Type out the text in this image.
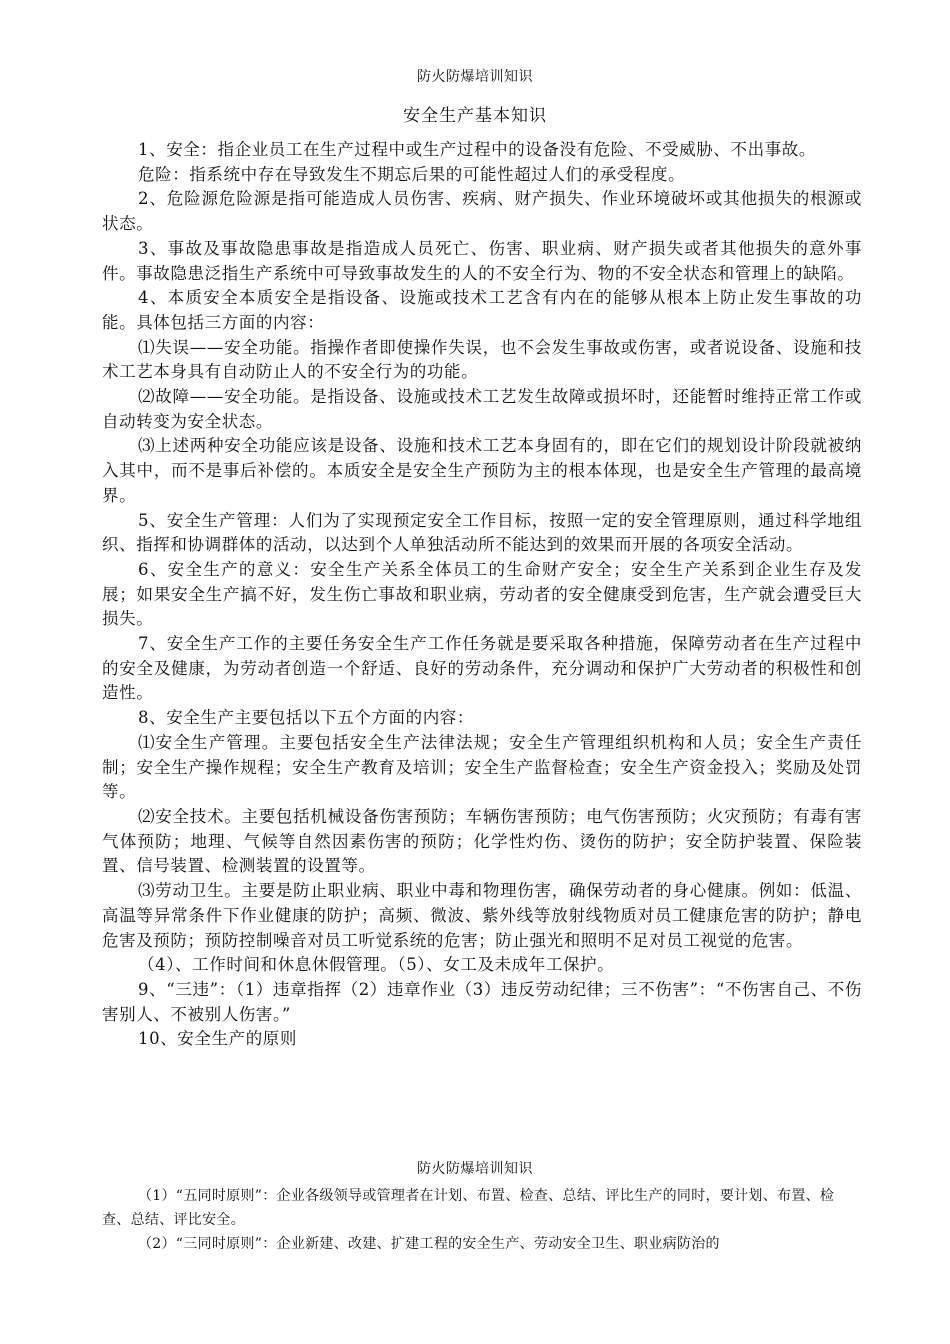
防火防爆培训知识
安全生产基本知识

1、安全：指企业员工在生产过程中或生产过程中的设备没有危险、不受威胁、不出事故。

危险：指系统中存在导致发生不期忘后果的可能性超过人们的承受程度。

2、危险源危险源是指可能造成人员伤害、疾病、财产损失、作业环境破坏或其他损失的根源或状态。

3、事故及事故隐患事故是指造成人员死亡、伤害、职业病、财产损失或者其他损失的意外事件。事故隐患泛指生产系统中可导致事故发生的人的不安全行为、物的不安全状态和管理上的缺陷。

4、本质安全本质安全是指设备、设施或技术工艺含有内在的能够从根本上防止发生事故的功能。具体包括三方面的内容：

⑴失误——安全功能。指操作者即使操作失误，也不会发生事故或伤害，或者说设备、设施和技术工艺本身具有自动防止人的不安全行为的功能。

⑵故障——安全功能。是指设备、设施或技术工艺发生故障或损坏时，还能暂时维持正常工作或自动转变为安全状态。

⑶上述两种安全功能应该是设备、设施和技术工艺本身固有的，即在它们的规划设计阶段就被纳入其中，而不是事后补偿的。本质安全是安全生产预防为主的根本体现，也是安全生产管理的最高境界。

5、安全生产管理：人们为了实现预定安全工作目标，按照一定的安全管理原则，通过科学地组织、指挥和协调群体的活动，以达到个人单独活动所不能达到的效果而开展的各项安全活动。

6、安全生产的意义：安全生产关系全体员工的生命财产安全；安全生产关系到企业生存及发展；如果安全生产搞不好，发生伤亡事故和职业病，劳动者的安全健康受到危害，生产就会遭受巨大损失。

7、安全生产工作的主要任务安全生产工作任务就是要采取各种措施，保障劳动者在生产过程中的安全及健康，为劳动者创造一个舒适、良好的劳动条件，充分调动和保护广大劳动者的积极性和创造性。

8、安全生产主要包括以下五个方面的内容：

⑴安全生产管理。主要包括安全生产法律法规；安全生产管理组织机构和人员；安全生产责任制；安全生产操作规程；安全生产教育及培训；安全生产监督检查；安全生产资金投入；奖励及处罚等。

⑵安全技术。主要包括机械设备伤害预防；车辆伤害预防；电气伤害预防；火灾预防；有毒有害气体预防；地理、气候等自然因素伤害的预防；化学性灼伤、烫伤的防护；安全防护装置、保险装置、信号装置、检测装置的设置等。

⑶劳动卫生。主要是防止职业病、职业中毒和物理伤害，确保劳动者的身心健康。例如：低温、高温等异常条件下作业健康的防护；高频、微波、紫外线等放射线物质对员工健康危害的防护；静电危害及预防；预防控制噪音对员工听觉系统的危害；防止强光和照明不足对员工视觉的危害。

（4）、工作时间和休息休假管理。（5）、女工及未成年工保护。

9、“三违”：（1）违章指挥（2）违章作业（3）违反劳动纪律；三不伤害”：“不伤害自己、不伤害别人、不被别人伤害。”

10、安全生产的原则

防火防爆培训知识

（1）“五同时原则”：企业各级领导或管理者在计划、布置、检查、总结、评比生产的同时，要计划、布置、检查、总结、评比安全。

（2）“三同时原则”：企业新建、改建、扩建工程的安全生产、劳动安全卫生、职业病防治的
